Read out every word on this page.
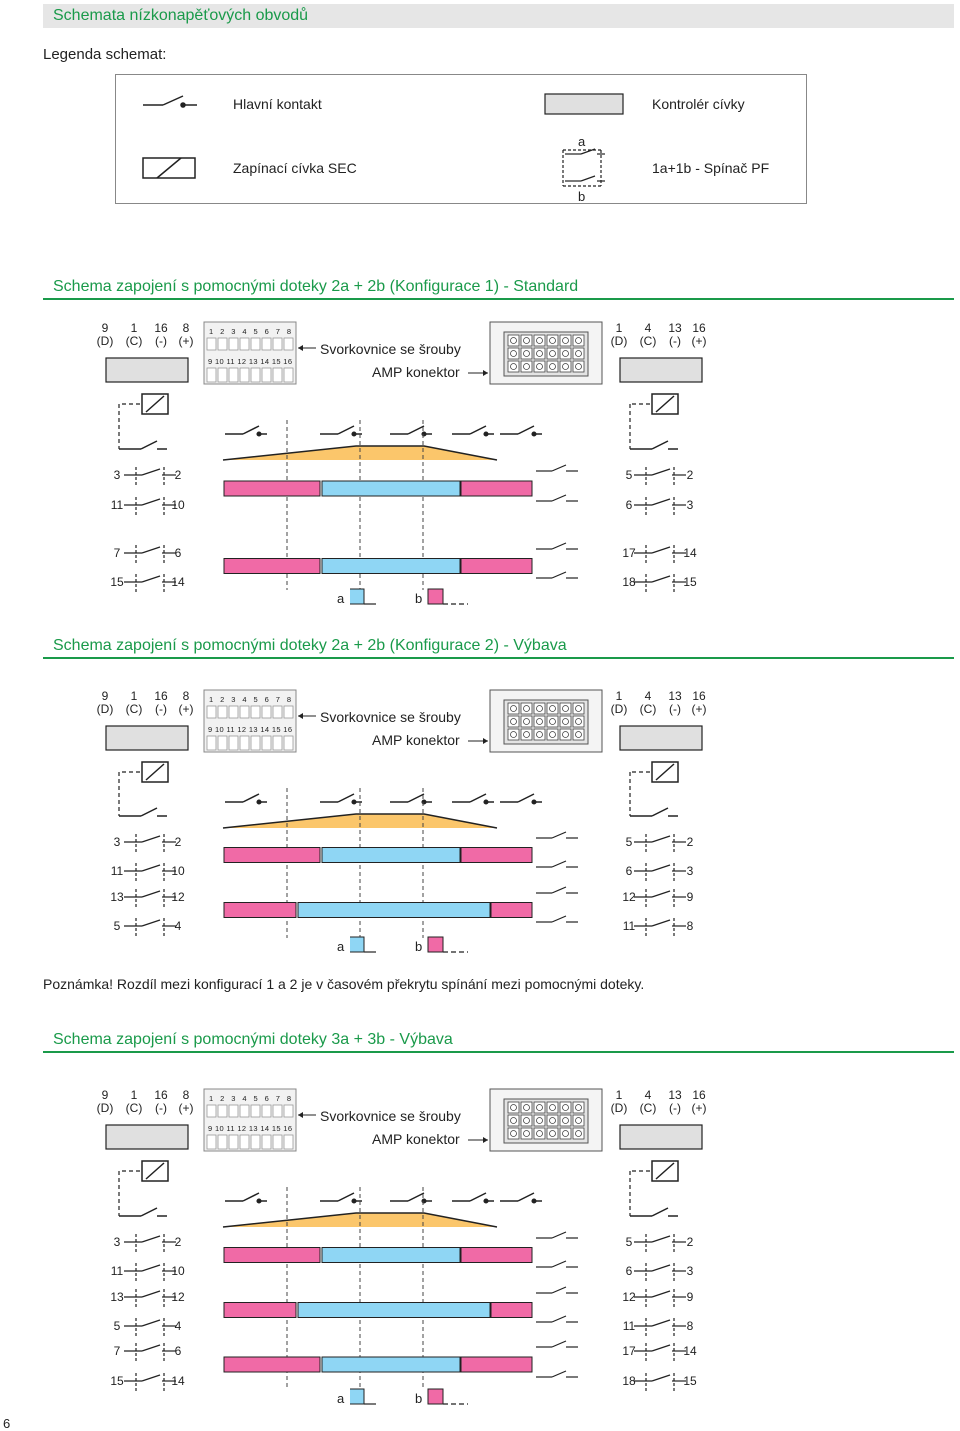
Schemata nízkonapěťových obvodů
Legenda schemat:
a
b
Hlavní kontakt	Kontrolér cívky
Zapínací cívka SEC	1a+1b - Spínač PF
Schema zapojení s pomocnými doteky 2a + 2b (Konfigurace 1) - Standard
9 1 16 8
(D) (C) (-) (+)
1 4 13 16
(D) (C) (-) (+)
1 2 3 4 5 6 7 8
9 10 11 12 13 14 15 16
Svorkovnice se šrouby
AMP konektor
3	2
11	10
7	6
15	14
5	2
6	3
17	14
18	15
a	b
Schema zapojení s pomocnými doteky 2a + 2b (Konfigurace 2) - Výbava
9 1 16 8
(D) (C) (-) (+)
1 4 13 16
(D) (C) (-) (+)
1 2 3 4 5 6 7 8
9 10 11 12 13 14 15 16
Svorkovnice se šrouby
AMP konektor
3	2
11	10
13	12
5	4
5	2
6	3
12	9
11	8
a	b
Schema zapojení s pomocnými doteky 3a + 3b - Výbava
9 1 16 8
(D) (C) (-) (+)
1 4 13 16
(D) (C) (-) (+)
1 2 3 4 5 6 7 8
9 10 11 12 13 14 15 16
Svorkovnice se šrouby
AMP konektor
3	2
11	10
13	12
5	4
7	6
15	14
5	2
6	3
12	9
11	8
17	14
18	15
a	b
Poznámka! Rozdíl mezi konfigurací 1 a 2 je v časovém překrytu spínání mezi pomocnými doteky.
6
